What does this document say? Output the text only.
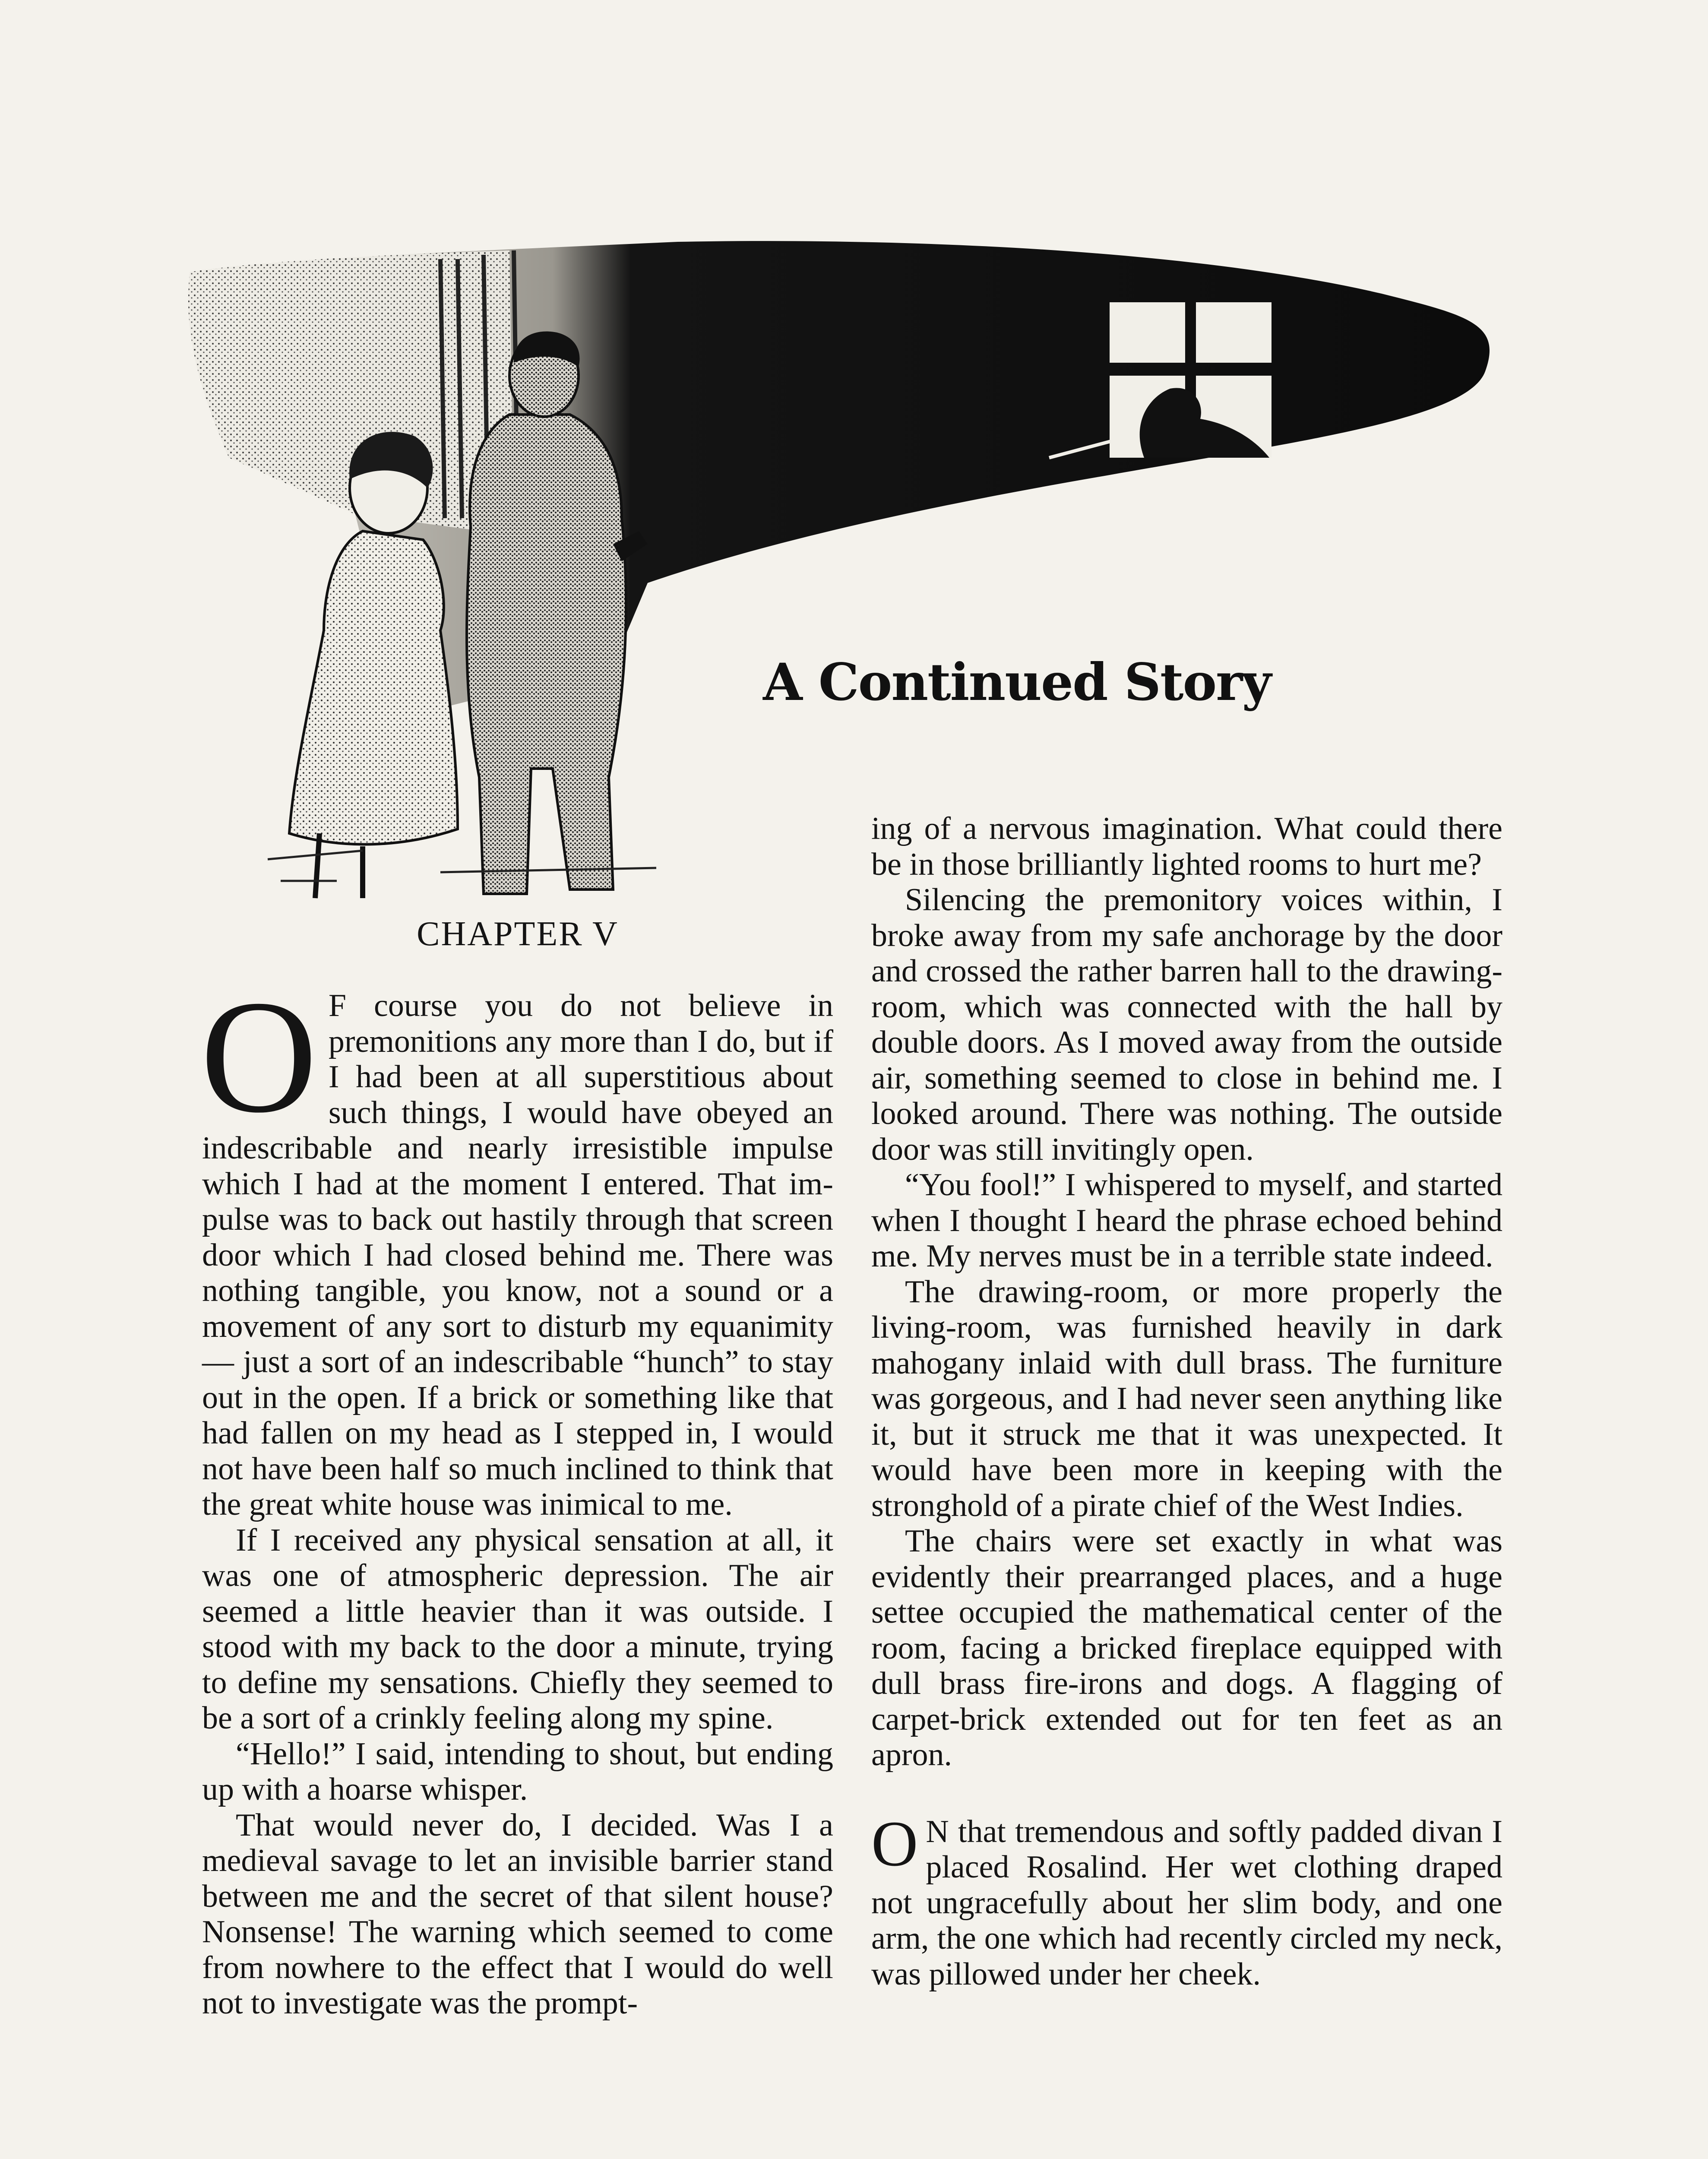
A Continued Story
CHAPTER V

O F course you do not believe in premonitions any more than I do, but if I had been at all superstitious about such things, I would have obeyed an indescribable and nearly irresistible impulse which I had at the moment I entered. That impulse was to back out hastily through that screen door which I had closed behind me. There was nothing tangible, you know, not a sound or a movement of any sort to disturb my equanimity— just a sort of an indescribable “hunch” to stay out in the open. If a brick or something like that had fallen on my head as I stepped in, I would not have been half so much inclined to think that the great white house was inimical to me.

If I received any physical sensation at all, it was one of atmospheric depression. The air seemed a little heavier than it was outside. I stood with my back to the door a minute, trying to define my sensations. Chiefly they seemed to be a sort of a crinkly feeling along my spine.

“Hello!” I said, intending to shout, but ending up with a hoarse whisper.

That would never do, I decided. Was I a medieval savage to let an invisible barrier stand between me and the secret of that silent house? Nonsense! The warning which seemed to come from nowhere to the effect that I would do well not to investigate was the prompt-

ing of a nervous imagination. What could there be in those brilliantly lighted rooms to hurt me?

Silencing the premonitory voices within, I broke away from my safe anchorage by the door and crossed the rather barren hall to the drawing-room, which was connected with the hall by double doors. As I moved away from the outside air, something seemed to close in behind me. I looked around. There was nothing. The outside door was still invitingly open.

“You fool!” I whispered to myself, and started when I thought I heard the phrase echoed behind me. My nerves must be in a terrible state indeed.

The drawing-room, or more properly the living-room, was furnished heavily in dark mahogany inlaid with dull brass. The furniture was gorgeous, and I had never seen anything like it, but it struck me that it was unexpected. It would have been more in keeping with the stronghold of a pirate chief of the West Indies.

The chairs were set exactly in what was evidently their prearranged places, and a huge settee occupied the mathematical center of the room, facing a bricked fireplace equipped with dull brass fire-irons and dogs. A flagging of carpet-brick extended out for ten feet as an apron.

O N that tremendous and softly padded divan I placed Rosalind. Her wet clothing draped not ungracefully about her slim body, and one arm, the one which had recently circled my neck, was pillowed under her cheek.
